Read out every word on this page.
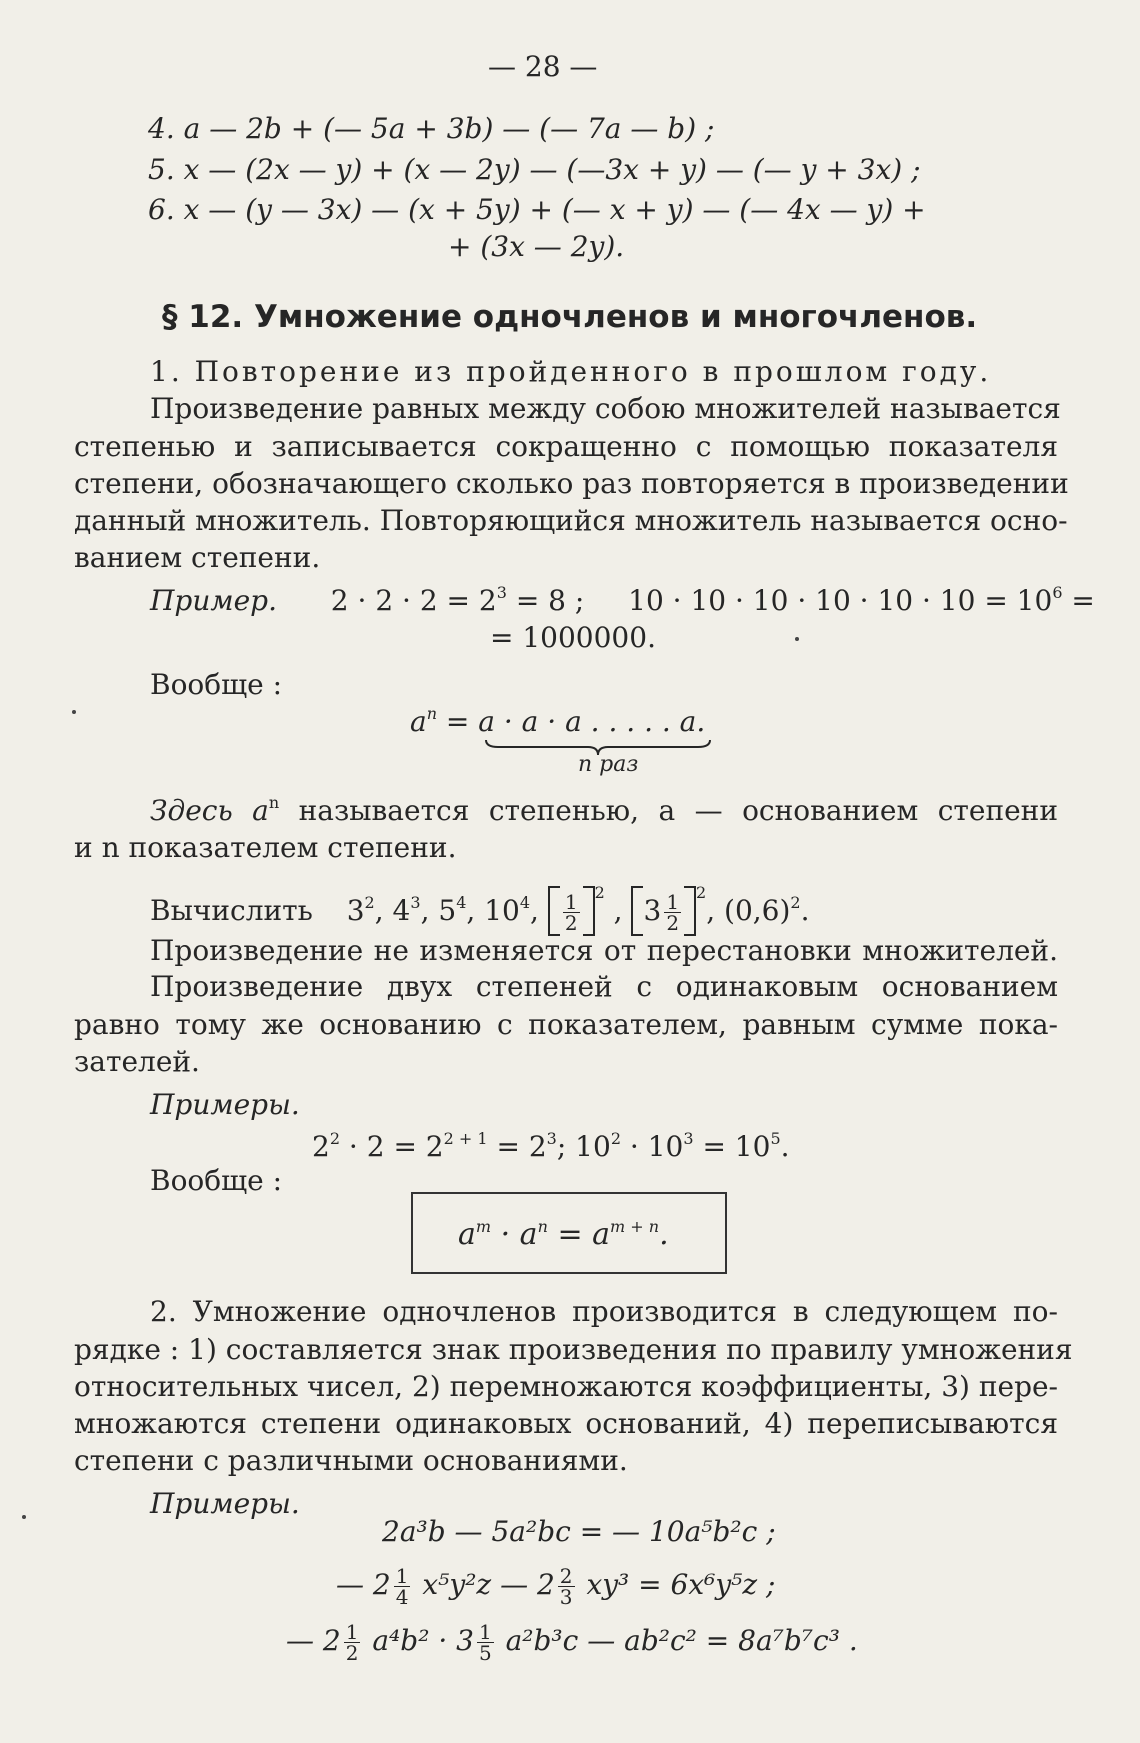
— 28 —
4. a — 2b + (— 5a + 3b) — (— 7a — b) ;
5. x — (2x — y) + (x — 2y) — (—3x + y) — (— y + 3x) ;
6. x — (y — 3x) — (x + 5y) + (— x + y) — (— 4x — y) +
+ (3x — 2y).
§ 12. Умножение одночленов и многочленов.
1. Повторение из пройденного в прошлом году.
Произведение равных между собою множителей называется
степенью и записывается сокращенно с помощью показателя
степени, обозначающего сколько раз повторяется в произведении
данный множитель. Повторяющийся множитель называется осно-
ванием степени.
Пример. $2 \cdot 2 \cdot 2 = 2^3 = 8$ ; $10 \cdot 10 \cdot 10 \cdot 10 \cdot 10 \cdot 10 = 10^6$ =
= 1000000.
Вообще :
$a^n = a \cdot a \cdot a$ . . . . . a.
n раз
Здесь $a^n$ называется степенью, a — основанием степени
и n показателем степени.
Вычислить $3^2$, $4^3$, $5^4$, $10^4$, $\frac{1}{2} ^2$ , $3 \frac{1}{2} ^2$, $(0,6)^2$.
Произведение не изменяется от перестановки множителей.
Произведение двух степеней с одинаковым основанием
равно тому же основанию с показателем, равным сумме пока-
зателей.
Примеры.
$2^2 \cdot 2 = 2^{2 + 1} = 2^3$; $10^2 \cdot 10^3 = 10^5$.
Вообще :
$a^m \cdot a^n = a^{m + n}$.
2. Умножение одночленов производится в следующем по-
рядке : 1) составляется знак произведения по правилу умножения
относительных чисел, 2) перемножаются коэффициенты, 3) пере-
множаются степени одинаковых оснований, 4) переписываются
степени с различными основаниями.
Примеры.
2a³b — 5a²bc = — 10a⁵b²c ;
— $2 \frac{1}{4} x^5y^2z$ — $2 \frac{2}{3} xy^3 = 6x^6y^5z$ ;
— $2 \frac{1}{2} a^4b^2 \cdot 3 \frac{1}{5} a^2b^3c$ — ab²c² = 8a⁷b⁷c³ .
